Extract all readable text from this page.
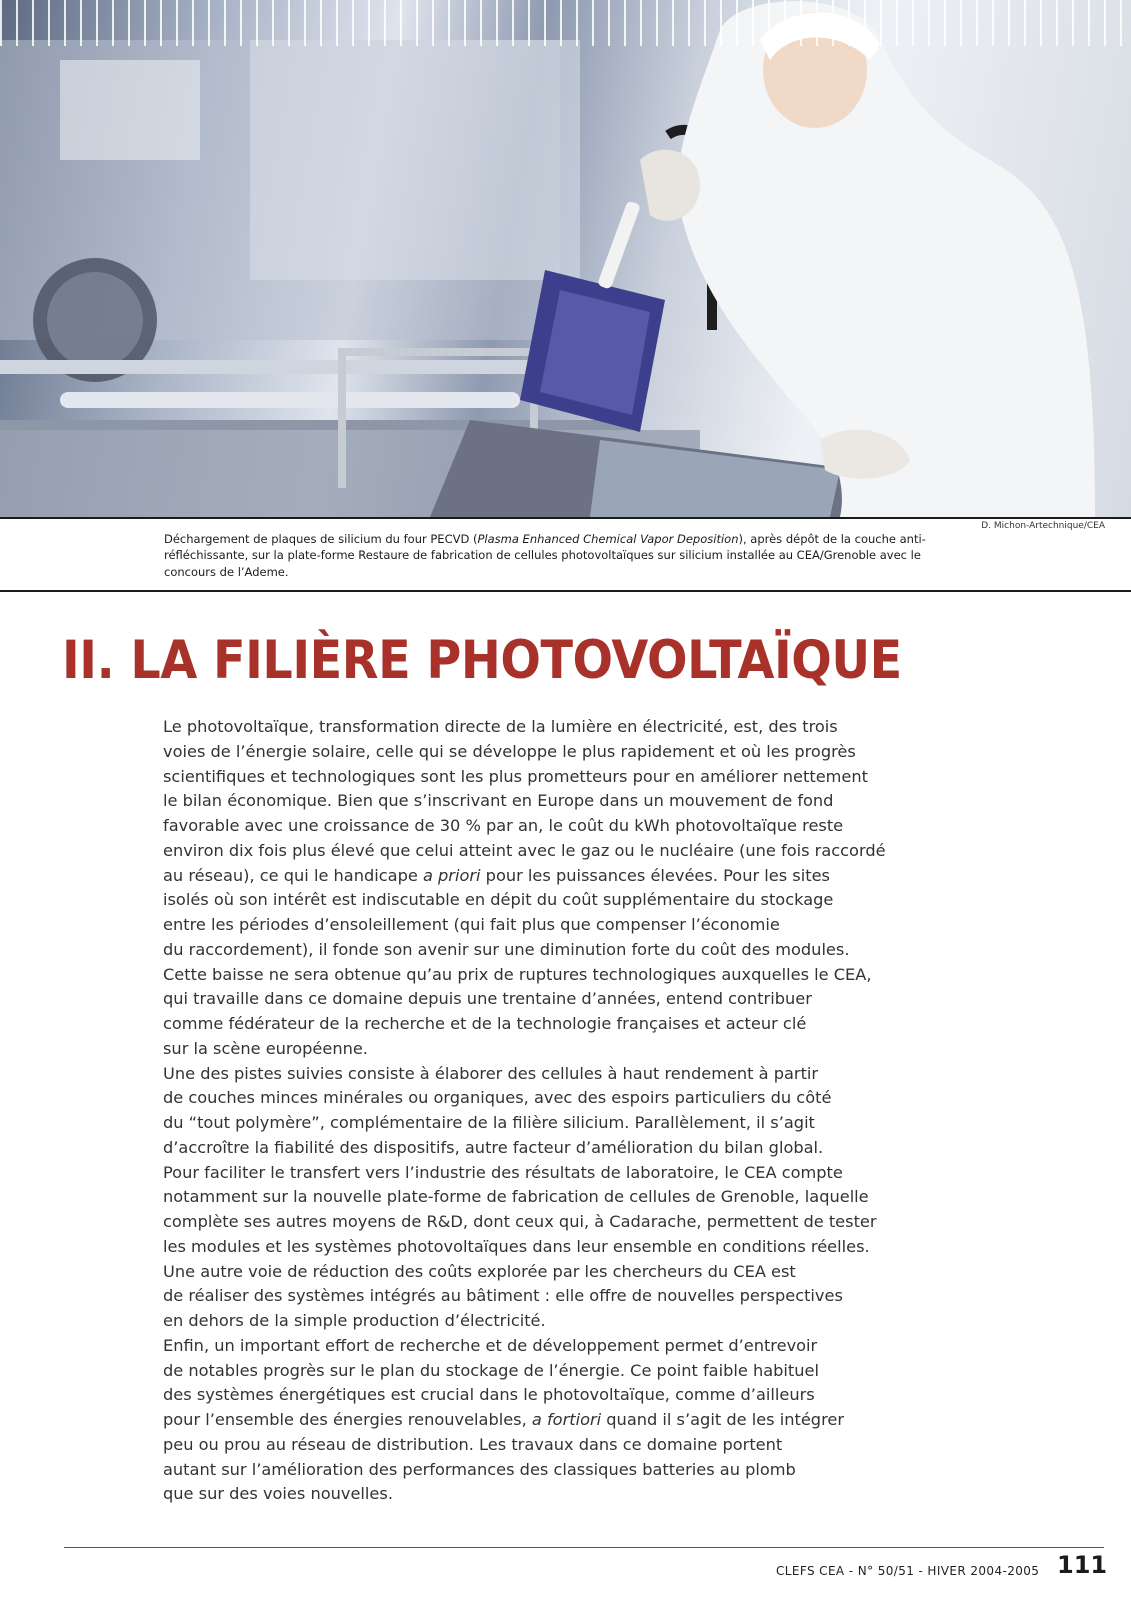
D. Michon-Artechnique/CEA
Déchargement de plaques de silicium du four PECVD (Plasma Enhanced Chemical Vapor Deposition), après dépôt de la couche anti-réfléchissante, sur la plate-forme Restaure de fabrication de cellules photovoltaïques sur silicium installée au CEA/Grenoble avec le concours de l’Ademe.
II. LA FILIÈRE PHOTOVOLTAÏQUE
Le photovoltaïque, transformation directe de la lumière en électricité, est, des trois
voies de l’énergie solaire, celle qui se développe le plus rapidement et où les progrès
scientifiques et technologiques sont les plus prometteurs pour en améliorer nettement
le bilan économique. Bien que s’inscrivant en Europe dans un mouvement de fond
favorable avec une croissance de 30 % par an, le coût du kWh photovoltaïque reste
environ dix fois plus élevé que celui atteint avec le gaz ou le nucléaire (une fois raccordé
au réseau), ce qui le handicape a priori pour les puissances élevées. Pour les sites
isolés où son intérêt est indiscutable en dépit du coût supplémentaire du stockage
entre les périodes d’ensoleillement (qui fait plus que compenser l’économie
du raccordement), il fonde son avenir sur une diminution forte du coût des modules.
Cette baisse ne sera obtenue qu’au prix de ruptures technologiques auxquelles le CEA,
qui travaille dans ce domaine depuis une trentaine d’années, entend contribuer
comme fédérateur de la recherche et de la technologie françaises et acteur clé
sur la scène européenne.
Une des pistes suivies consiste à élaborer des cellules à haut rendement à partir
de couches minces minérales ou organiques, avec des espoirs particuliers du côté
du “tout polymère”, complémentaire de la filière silicium. Parallèlement, il s’agit
d’accroître la fiabilité des dispositifs, autre facteur d’amélioration du bilan global.
Pour faciliter le transfert vers l’industrie des résultats de laboratoire, le CEA compte
notamment sur la nouvelle plate-forme de fabrication de cellules de Grenoble, laquelle
complète ses autres moyens de R&D, dont ceux qui, à Cadarache, permettent de tester
les modules et les systèmes photovoltaïques dans leur ensemble en conditions réelles.
Une autre voie de réduction des coûts explorée par les chercheurs du CEA est
de réaliser des systèmes intégrés au bâtiment : elle offre de nouvelles perspectives
en dehors de la simple production d’électricité.
Enfin, un important effort de recherche et de développement permet d’entrevoir
de notables progrès sur le plan du stockage de l’énergie. Ce point faible habituel
des systèmes énergétiques est crucial dans le photovoltaïque, comme d’ailleurs
pour l’ensemble des énergies renouvelables, a fortiori quand il s’agit de les intégrer
peu ou prou au réseau de distribution. Les travaux dans ce domaine portent
autant sur l’amélioration des performances des classiques batteries au plomb
que sur des voies nouvelles.
CLEFS CEA - N° 50/51 - HIVER 2004-2005 111
